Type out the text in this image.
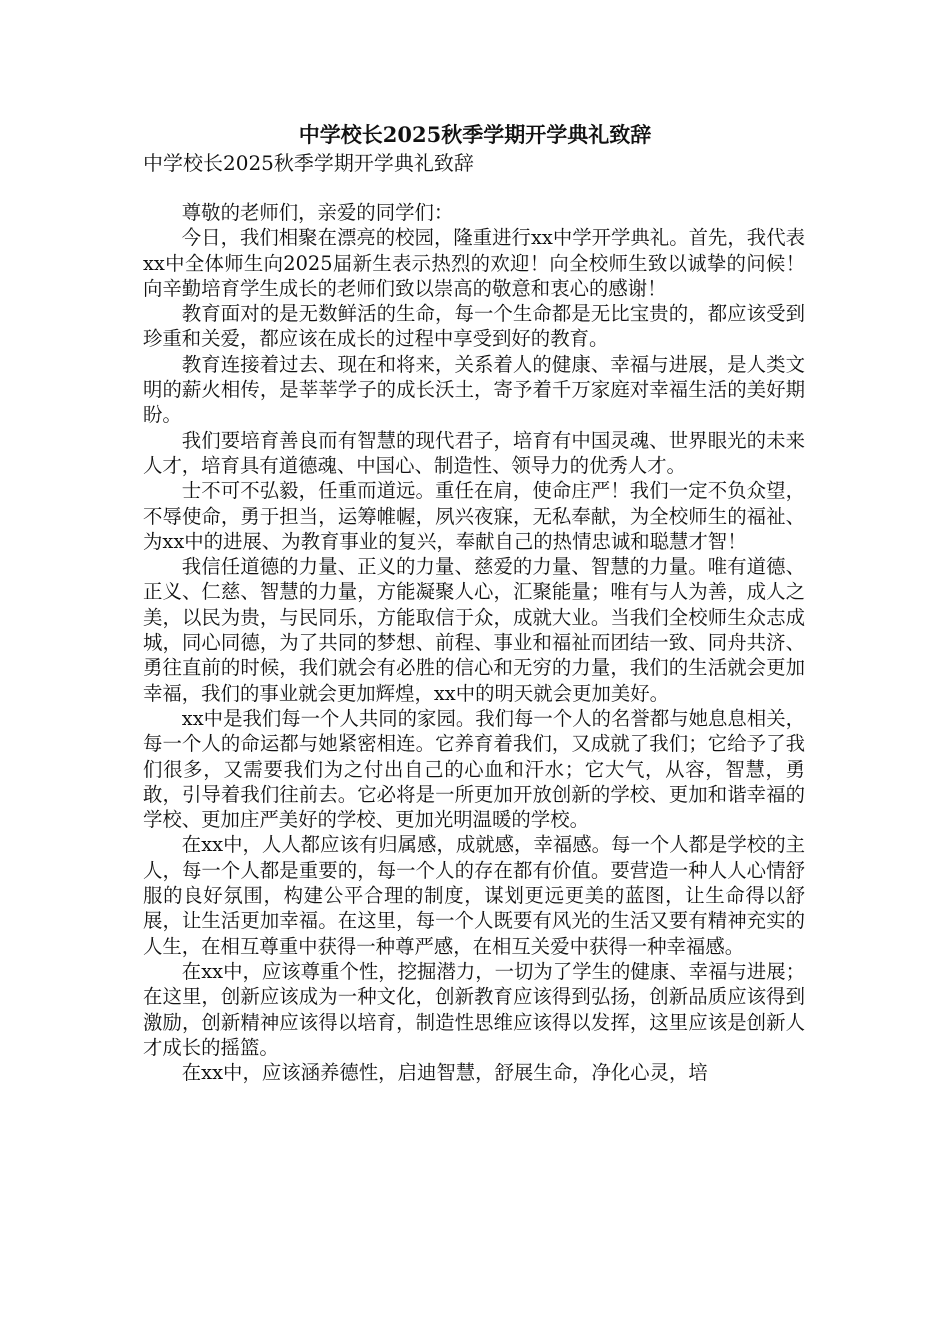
中学校长2025秋季学期开学典礼致辞
中学校长2025秋季学期开学典礼致辞

尊敬的老师们，亲爱的同学们：

今日，我们相聚在漂亮的校园，隆重进行xx中学开学典礼。首先，我代表xx中全体师生向2025届新生表示热烈的欢迎！向全校师生致以诚挚的问候！向辛勤培育学生成长的老师们致以崇高的敬意和衷心的感谢！

教育面对的是无数鲜活的生命，每一个生命都是无比宝贵的，都应该受到珍重和关爱，都应该在成长的过程中享受到好的教育。

教育连接着过去、现在和将来，关系着人的健康、幸福与进展，是人类文明的薪火相传，是莘莘学子的成长沃土，寄予着千万家庭对幸福生活的美好期盼。

我们要培育善良而有智慧的现代君子，培育有中国灵魂、世界眼光的未来人才，培育具有道德魂、中国心、制造性、领导力的优秀人才。

士不可不弘毅，任重而道远。重任在肩，使命庄严！我们一定不负众望，不辱使命，勇于担当，运筹帷幄，夙兴夜寐，无私奉献，为全校师生的福祉、为xx中的进展、为教育事业的复兴，奉献自己的热情忠诚和聪慧才智！

我信任道德的力量、正义的力量、慈爱的力量、智慧的力量。唯有道德、正义、仁慈、智慧的力量，方能凝聚人心，汇聚能量；唯有与人为善，成人之美，以民为贵，与民同乐，方能取信于众，成就大业。当我们全校师生众志成城，同心同德，为了共同的梦想、前程、事业和福祉而团结一致、同舟共济、勇往直前的时候，我们就会有必胜的信心和无穷的力量，我们的生活就会更加幸福，我们的事业就会更加辉煌，xx中的明天就会更加美好。

xx中是我们每一个人共同的家园。我们每一个人的名誉都与她息息相关，每一个人的命运都与她紧密相连。它养育着我们，又成就了我们；它给予了我们很多，又需要我们为之付出自己的心血和汗水；它大气，从容，智慧，勇敢，引导着我们往前去。它必将是一所更加开放创新的学校、更加和谐幸福的学校、更加庄严美好的学校、更加光明温暖的学校。

在xx中，人人都应该有归属感，成就感，幸福感。每一个人都是学校的主人，每一个人都是重要的，每一个人的存在都有价值。要营造一种人人心情舒服的良好氛围，构建公平合理的制度，谋划更远更美的蓝图，让生命得以舒展，让生活更加幸福。在这里，每一个人既要有风光的生活又要有精神充实的人生，在相互尊重中获得一种尊严感，在相互关爱中获得一种幸福感。

在xx中，应该尊重个性，挖掘潜力，一切为了学生的健康、幸福与进展；在这里，创新应该成为一种文化，创新教育应该得到弘扬，创新品质应该得到激励，创新精神应该得以培育，制造性思维应该得以发挥，这里应该是创新人才成长的摇篮。

在xx中，应该涵养德性，启迪智慧，舒展生命，净化心灵，培
